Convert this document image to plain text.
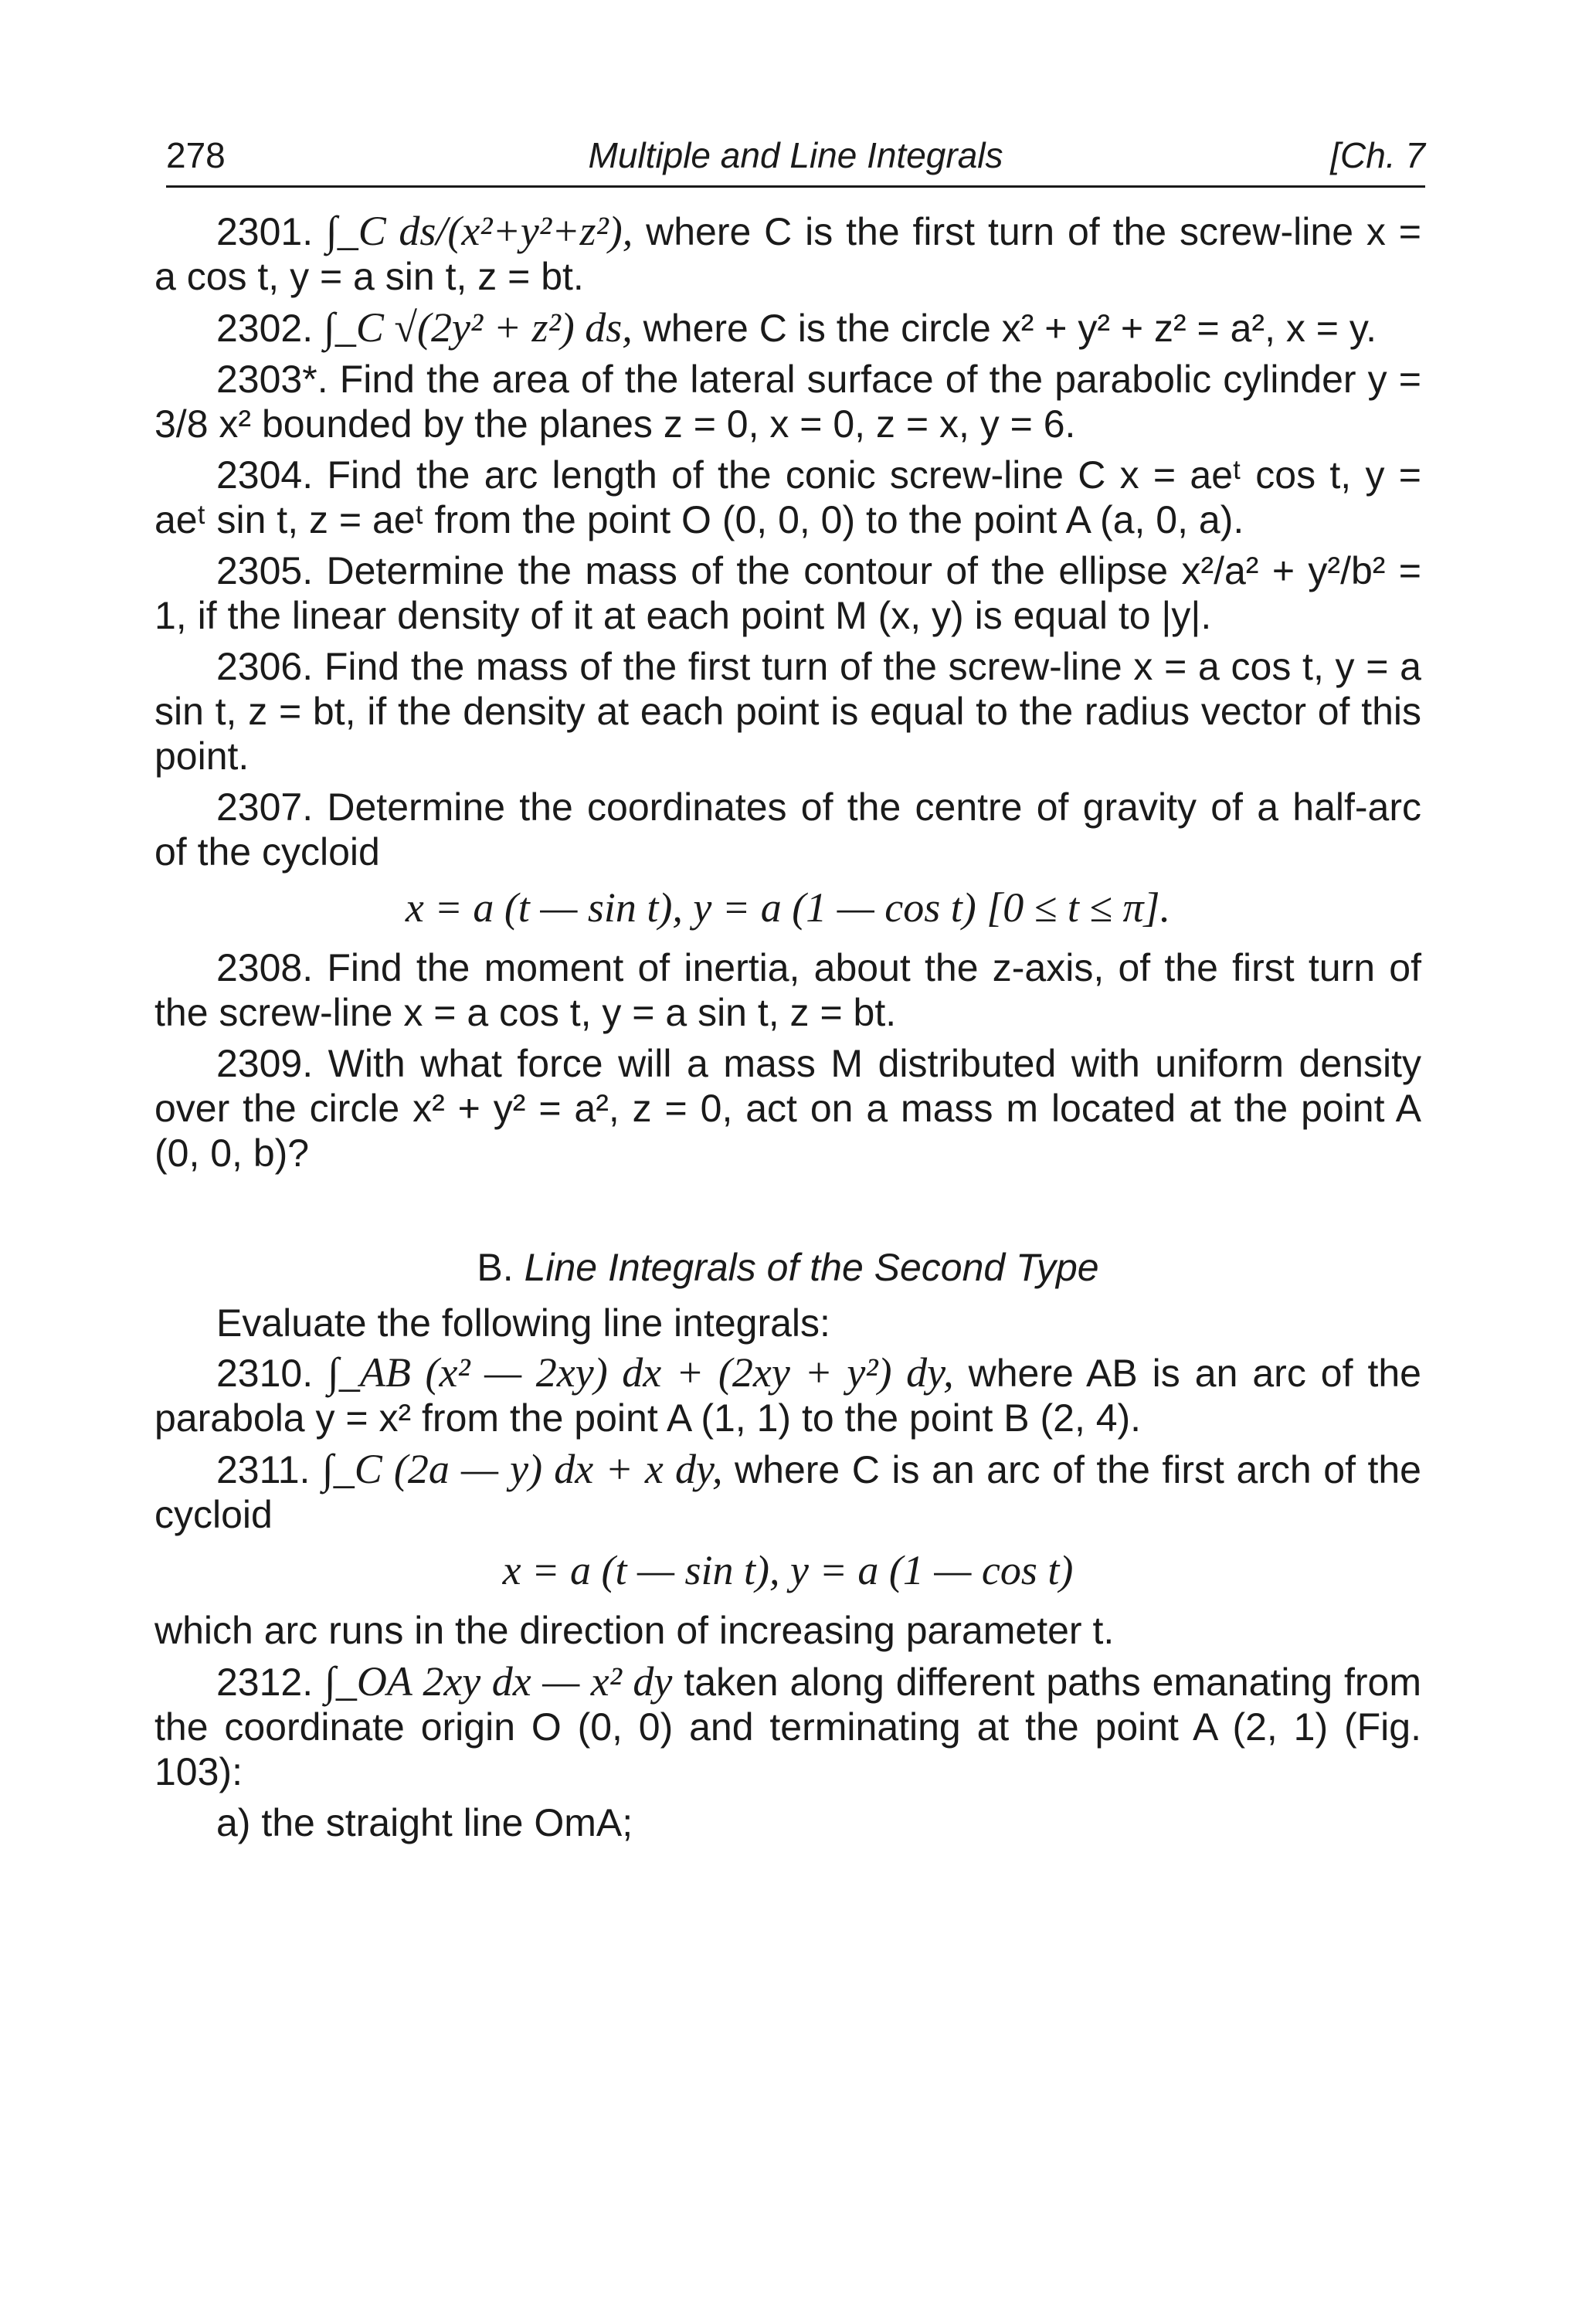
278	Multiple and Line Integrals	[Ch. 7

2301. ∫_C ds/(x²+y²+z²), where C is the first turn of the screw-line x = a cos t, y = a sin t, z = bt.

2302. ∫_C √(2y² + z²) ds, where C is the circle x² + y² + z² = a², x = y.

2303*. Find the area of the lateral surface of the parabolic cylinder y = 3/8 x² bounded by the planes z = 0, x = 0, z = x, y = 6.

2304. Find the arc length of the conic screw-line C x = aeᵗ cos t, y = aeᵗ sin t, z = aeᵗ from the point O (0, 0, 0) to the point A (a, 0, a).

2305. Determine the mass of the contour of the ellipse x²/a² + y²/b² = 1, if the linear density of it at each point M (x, y) is equal to |y|.

2306. Find the mass of the first turn of the screw-line x = a cos t, y = a sin t, z = bt, if the density at each point is equal to the radius vector of this point.

2307. Determine the coordinates of the centre of gravity of a half-arc of the cycloid

x = a (t — sin t), y = a (1 — cos t) [0 ≤ t ≤ π].

2308. Find the moment of inertia, about the z-axis, of the first turn of the screw-line x = a cos t, y = a sin t, z = bt.

2309. With what force will a mass M distributed with uniform density over the circle x² + y² = a², z = 0, act on a mass m located at the point A (0, 0, b)?

B. Line Integrals of the Second Type

Evaluate the following line integrals:

2310. ∫_AB (x² — 2xy) dx + (2xy + y²) dy, where AB is an arc of the parabola y = x² from the point A (1, 1) to the point B (2, 4).

2311. ∫_C (2a — y) dx + x dy, where C is an arc of the first arch of the cycloid

x = a (t — sin t), y = a (1 — cos t)

which arc runs in the direction of increasing parameter t.

2312. ∫_OA 2xy dx — x² dy taken along different paths emanating from the coordinate origin O (0, 0) and terminating at the point A (2, 1) (Fig. 103):

a) the straight line OmA;
